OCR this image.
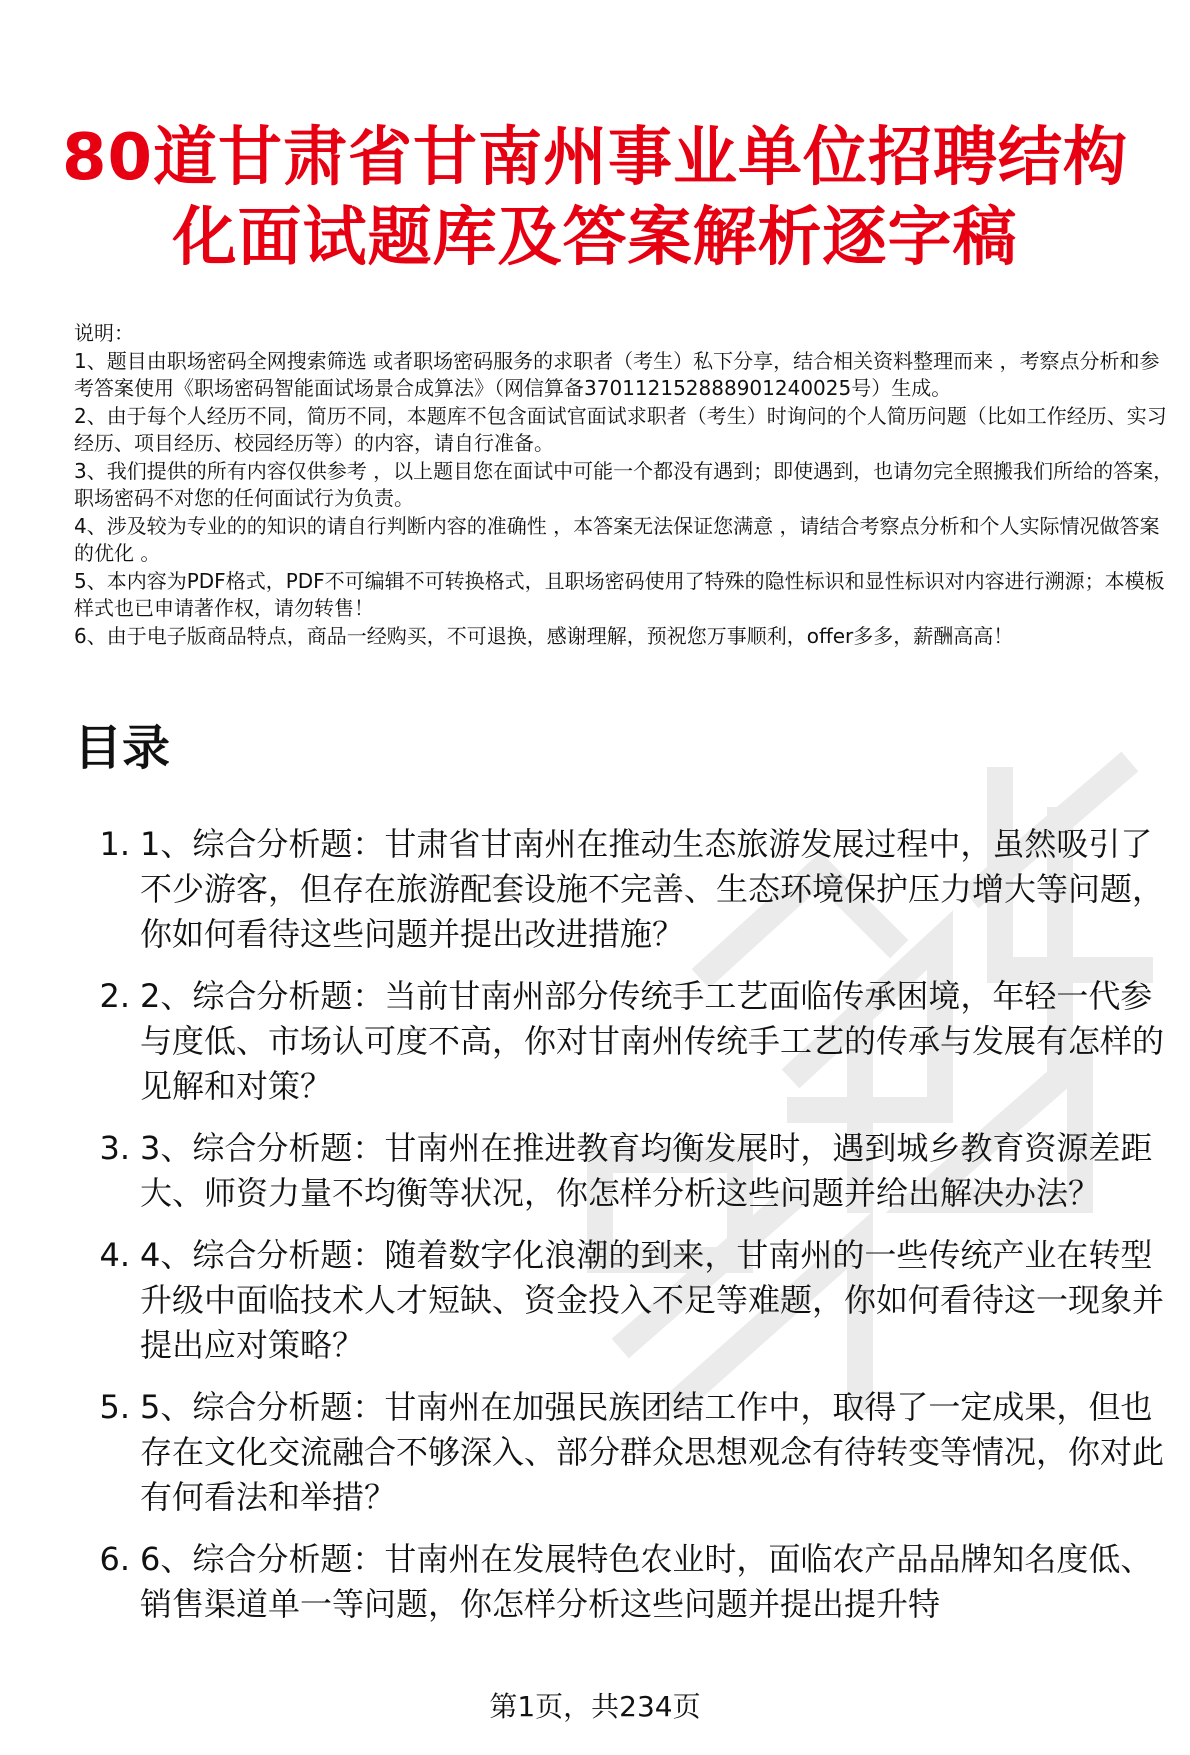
80道甘肃省甘南州事业单位招聘结构化面试题库及答案解析逐字稿

说明：

1、题目由职场密码全网搜索筛选 或者职场密码服务的求职者（考生）私下分享，结合相关资料整理而来 ，考察点分析和参考答案使用《职场密码智能面试场景合成算法》（网信算备370112152888901240025号）生成。

2、由于每个人经历不同，简历不同，本题库不包含面试官面试求职者（考生）时询问的个人简历问题（比如工作经历、实习经历、项目经历、校园经历等）的内容，请自行准备。

3、我们提供的所有内容仅供参考 ，以上题目您在面试中可能一个都没有遇到；即使遇到，也请勿完全照搬我们所给的答案，职场密码不对您的任何面试行为负责。

4、涉及较为专业的的知识的请自行判断内容的准确性 ，本答案无法保证您满意 ，请结合考察点分析和个人实际情况做答案的优化 。

5、本内容为PDF格式，PDF不可编辑不可转换格式，且职场密码使用了特殊的隐性标识和显性标识对内容进行溯源；本模板样式也已申请著作权，请勿转售！

6、由于电子版商品特点，商品一经购买，不可退换，感谢理解，预祝您万事顺利，offer多多，薪酬高高！

目录
1. 1、综合分析题：甘肃省甘南州在推动生态旅游发展过程中，虽然吸引了不少游客，但存在旅游配套设施不完善、生态环境保护压力增大等问题，你如何看待这些问题并提出改进措施？
2. 2、综合分析题：当前甘南州部分传统手工艺面临传承困境，年轻一代参与度低、市场认可度不高，你对甘南州传统手工艺的传承与发展有怎样的见解和对策？
3. 3、综合分析题：甘南州在推进教育均衡发展时，遇到城乡教育资源差距大、师资力量不均衡等状况，你怎样分析这些问题并给出解决办法？
4. 4、综合分析题：随着数字化浪潮的到来，甘南州的一些传统产业在转型升级中面临技术人才短缺、资金投入不足等难题，你如何看待这一现象并提出应对策略？
5. 5、综合分析题：甘南州在加强民族团结工作中，取得了一定成果，但也存在文化交流融合不够深入、部分群众思想观念有待转变等情况，你对此有何看法和举措？
6. 6、综合分析题：甘南州在发展特色农业时，面临农产品品牌知名度低、销售渠道单一等问题，你怎样分析这些问题并提出提升特
第1页，共234页
